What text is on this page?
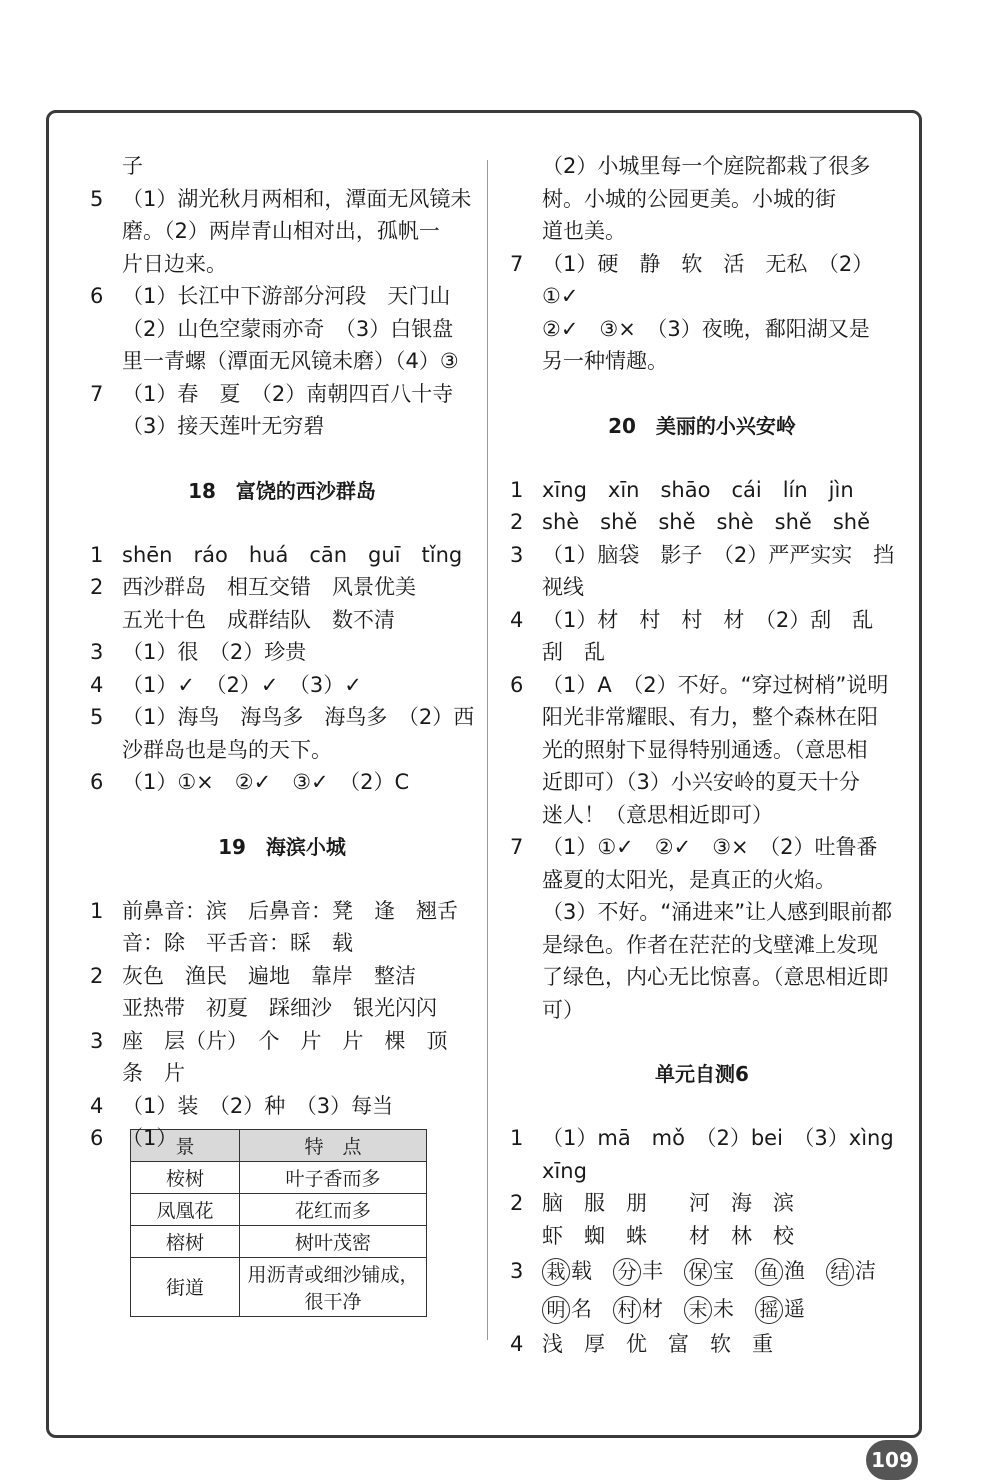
子
5 （1）湖光秋月两相和，潭面无风镜未
磨。（2）两岸青山相对出，孤帆一
片日边来。
6 （1）长江中下游部分河段　天门山
（2）山色空蒙雨亦奇　（3）白银盘
里一青螺（潭面无风镜未磨）（4）③
7 （1）春　夏　（2）南朝四百八十寺
（3）接天莲叶无穷碧
18　富饶的西沙群岛
1 shēn　ráo　huá　cān　guī　tǐng
2 西沙群岛　相互交错　风景优美
五光十色　成群结队　数不清
3 （1）很　（2）珍贵
4 （1）✓　（2）✓　（3）✓
5 （1）海鸟　海鸟多　海鸟多　（2）西
沙群岛也是鸟的天下。
6 （1）①×　②✓　③✓　（2）C
19　海滨小城
1 前鼻音：滨　后鼻音：凳　逢　翘舌
音：除　平舌音：睬　载
2 灰色　渔民　遍地　靠岸　整洁
亚热带　初夏　踩细沙　银光闪闪
3 座　层（片）　个　片　片　棵　顶
条　片
4 （1）装　（2）种　（3）每当
6 （1）
景	特　点
桉树	叶子香而多
凤凰花	花红而多
榕树	树叶茂密
街道	用沥青或细沙铺成，很干净
（2）小城里每一个庭院都栽了很多
树。小城的公园更美。小城的街
道也美。
7 （1）硬　静　软　活　无私　（2）①✓
②✓　③×　（3）夜晚，鄱阳湖又是
另一种情趣。
20　美丽的小兴安岭
1 xīng　xīn　shāo　cái　lín　jìn
2 shè　shě　shě　shè　shě　shě
3 （1）脑袋　影子　（2）严严实实　挡
视线
4 （1）材　村　村　材　（2）刮　乱
刮　乱
6 （1）A　（2）不好。“穿过树梢”说明
阳光非常耀眼、有力，整个森林在阳
光的照射下显得特别通透。（意思相
近即可）（3）小兴安岭的夏天十分
迷人！（意思相近即可）
7 （1）①✓　②✓　③×　（2）吐鲁番
盛夏的太阳光，是真正的火焰。
（3）不好。“涌进来”让人感到眼前都
是绿色。作者在茫茫的戈壁滩上发现
了绿色，内心无比惊喜。（意思相近即
可）
单元自测6
1 （1）mā　mǒ　（2）bei　（3）xìng
xīng
2 脑　服　朋　　河　海　滨
虾　蜘　蛛　　材　林　校
3	栽 载　 分 丰　 保 宝　 鱼 渔　 结 洁
明 名　 村 材　 末 未　 摇 遥
4 浅　厚　优　富　软　重
109
